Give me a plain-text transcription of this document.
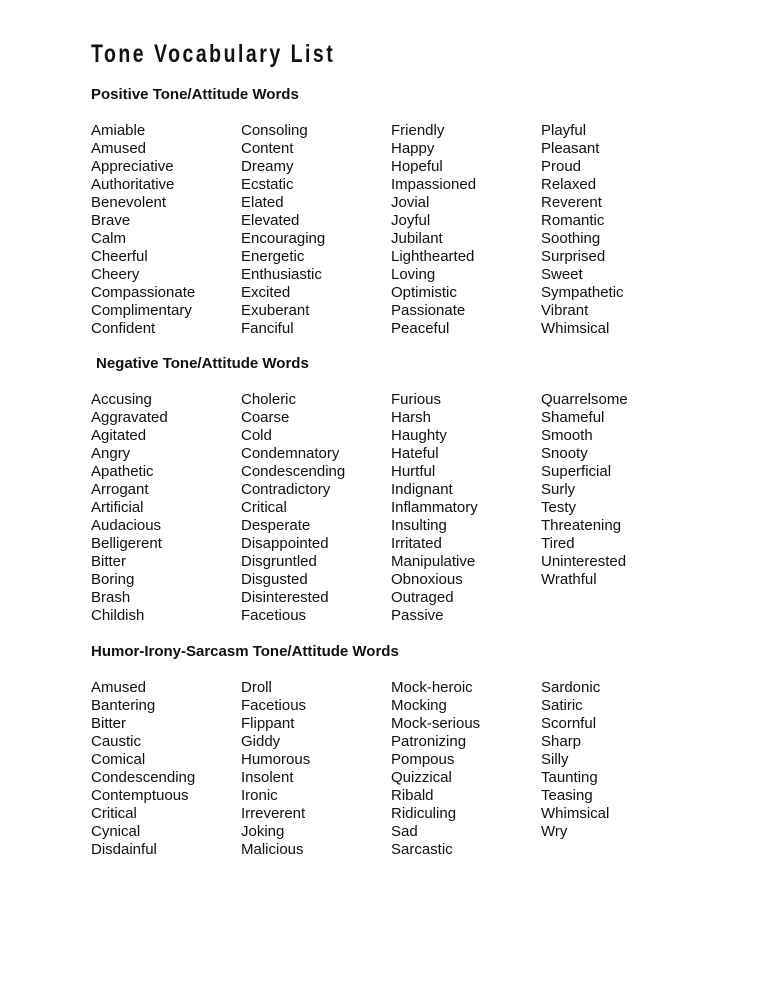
Tone Vocabulary List
Positive Tone/Attitude Words
Amiable
Amused
Appreciative
Authoritative
Benevolent
Brave
Calm
Cheerful
Cheery
Compassionate
Complimentary
Confident
Consoling
Content
Dreamy
Ecstatic
Elated
Elevated
Encouraging
Energetic
Enthusiastic
Excited
Exuberant
Fanciful
Friendly
Happy
Hopeful
Impassioned
Jovial
Joyful
Jubilant
Lighthearted
Loving
Optimistic
Passionate
Peaceful
Playful
Pleasant
Proud
Relaxed
Reverent
Romantic
Soothing
Surprised
Sweet
Sympathetic
Vibrant
Whimsical
Negative Tone/Attitude Words
Accusing
Aggravated
Agitated
Angry
Apathetic
Arrogant
Artificial
Audacious
Belligerent
Bitter
Boring
Brash
Childish
Choleric
Coarse
Cold
Condemnatory
Condescending
Contradictory
Critical
Desperate
Disappointed
Disgruntled
Disgusted
Disinterested
Facetious
Furious
Harsh
Haughty
Hateful
Hurtful
Indignant
Inflammatory
Insulting
Irritated
Manipulative
Obnoxious
Outraged
Passive
Quarrelsome
Shameful
Smooth
Snooty
Superficial
Surly
Testy
Threatening
Tired
Uninterested
Wrathful
Humor-Irony-Sarcasm Tone/Attitude Words
Amused
Bantering
Bitter
Caustic
Comical
Condescending
Contemptuous
Critical
Cynical
Disdainful
Droll
Facetious
Flippant
Giddy
Humorous
Insolent
Ironic
Irreverent
Joking
Malicious
Mock-heroic
Mocking
Mock-serious
Patronizing
Pompous
Quizzical
Ribald
Ridiculing
Sad
Sarcastic
Sardonic
Satiric
Scornful
Sharp
Silly
Taunting
Teasing
Whimsical
Wry
